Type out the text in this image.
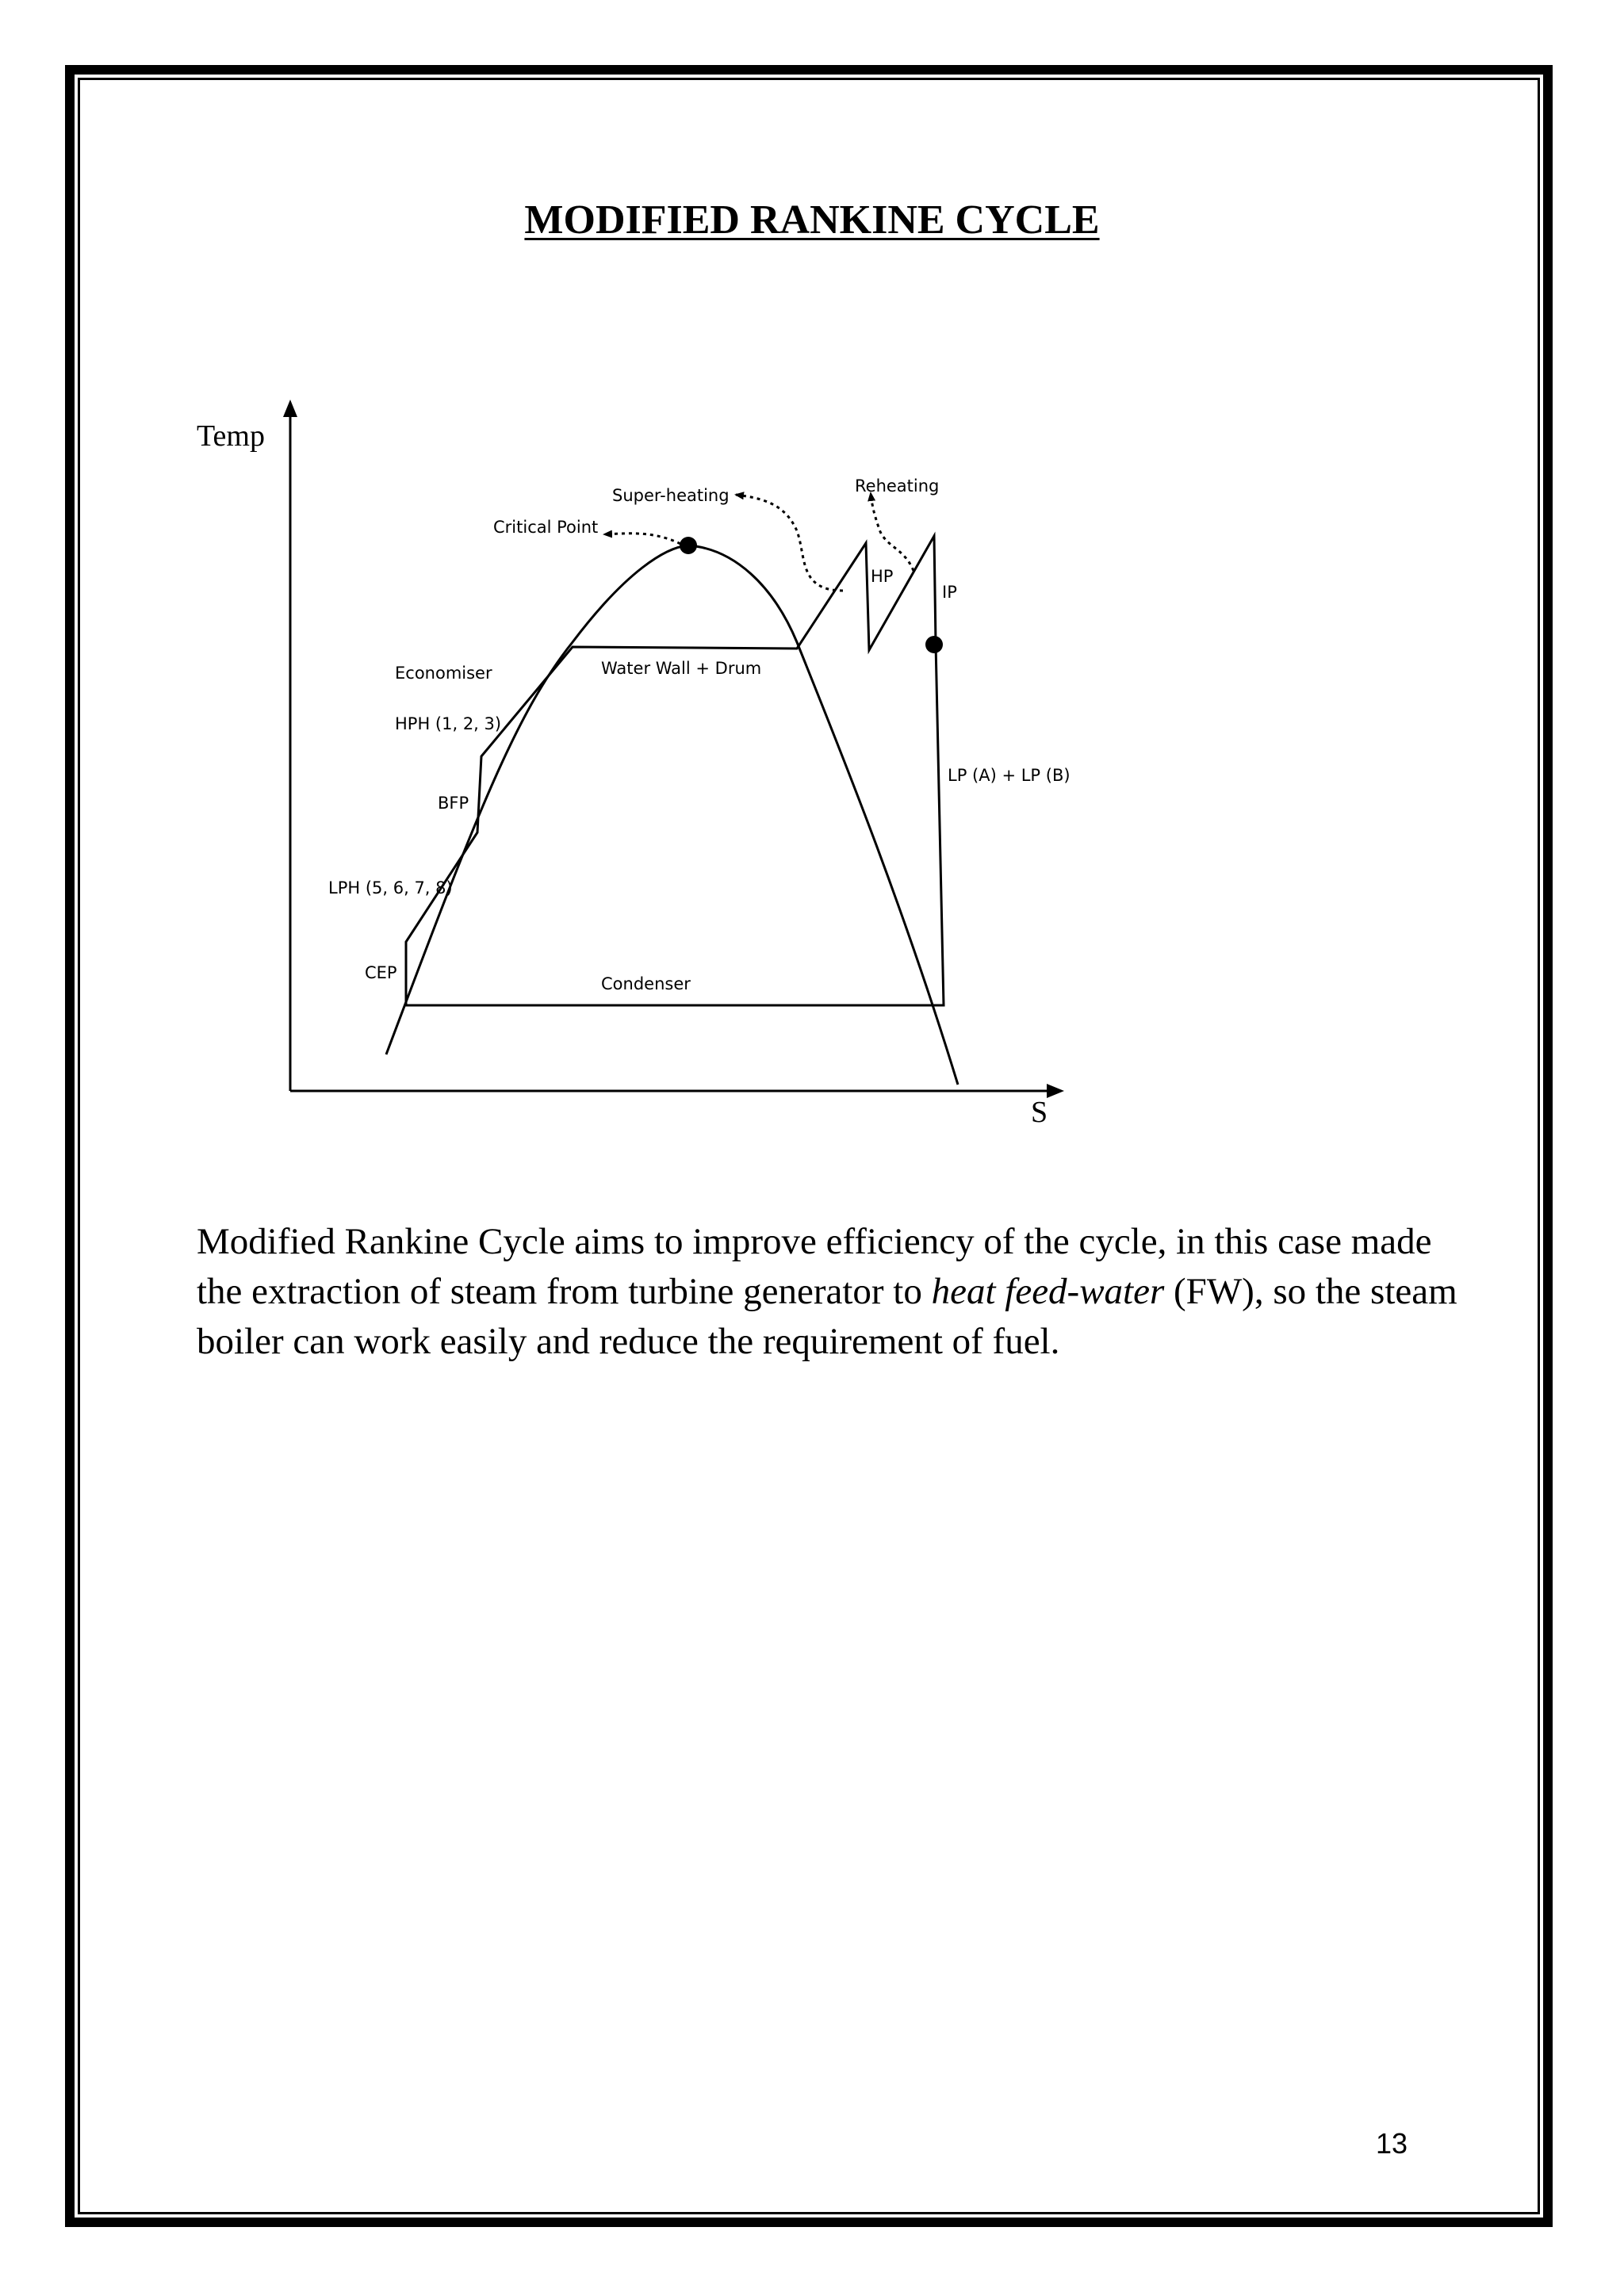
MODIFIED RANKINE CYCLE
Temp
S
Super-heating	Reheating
Critical Point
HP
IP
Economiser	Water Wall + Drum
HPH (1, 2, 3)
LP (A) + LP (B)
BFP
LPH (5, 6, 7, 8)
CEP
Condenser

Modified Rankine Cycle aims to improve efficiency of the cycle, in this case made the extraction of steam from turbine generator to heat feed-water (FW), so the steam boiler can work easily and reduce the requirement of fuel.

13
